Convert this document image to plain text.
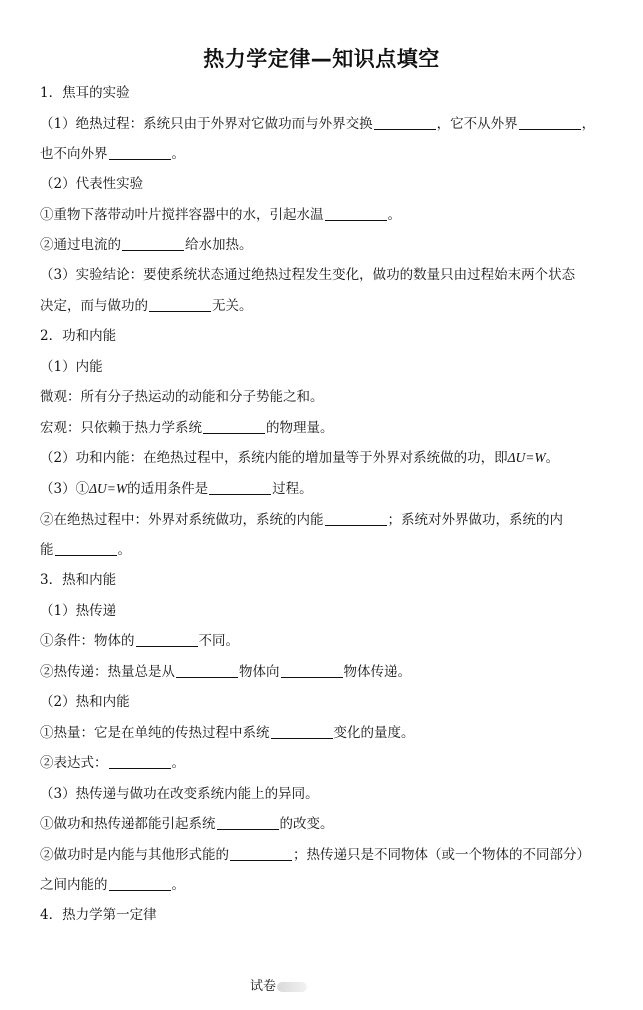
热力学定律—知识点填空
1．焦耳的实验
（1）绝热过程：系统只由于外界对它做功而与外界交换	，它不从外界	，
也不向外界	。
（2）代表性实验
①重物下落带动叶片搅拌容器中的水，引起水温	。
②通过电流的	给水加热。
（3）实验结论：要使系统状态通过绝热过程发生变化，做功的数量只由过程始末两个状态
决定，而与做功的	无关。
2．功和内能
（1）内能
微观：所有分子热运动的动能和分子势能之和。
宏观：只依赖于热力学系统	的物理量。
（2）功和内能：在绝热过程中，系统内能的增加量等于外界对系统做的功，即ΔU=W。
（3）①ΔU=W的适用条件是	过程。
②在绝热过程中：外界对系统做功，系统的内能	；系统对外界做功，系统的内
能	。
3．热和内能
（1）热传递
①条件：物体的	不同。
②热传递：热量总是从	物体向	物体传递。
（2）热和内能
①热量：它是在单纯的传热过程中系统	变化的量度。
②表达式：	。
（3）热传递与做功在改变系统内能上的异同。
①做功和热传递都能引起系统	的改变。
②做功时是内能与其他形式能的	；热传递只是不同物体（或一个物体的不同部分）
之间内能的	。
4．热力学第一定律
试卷
